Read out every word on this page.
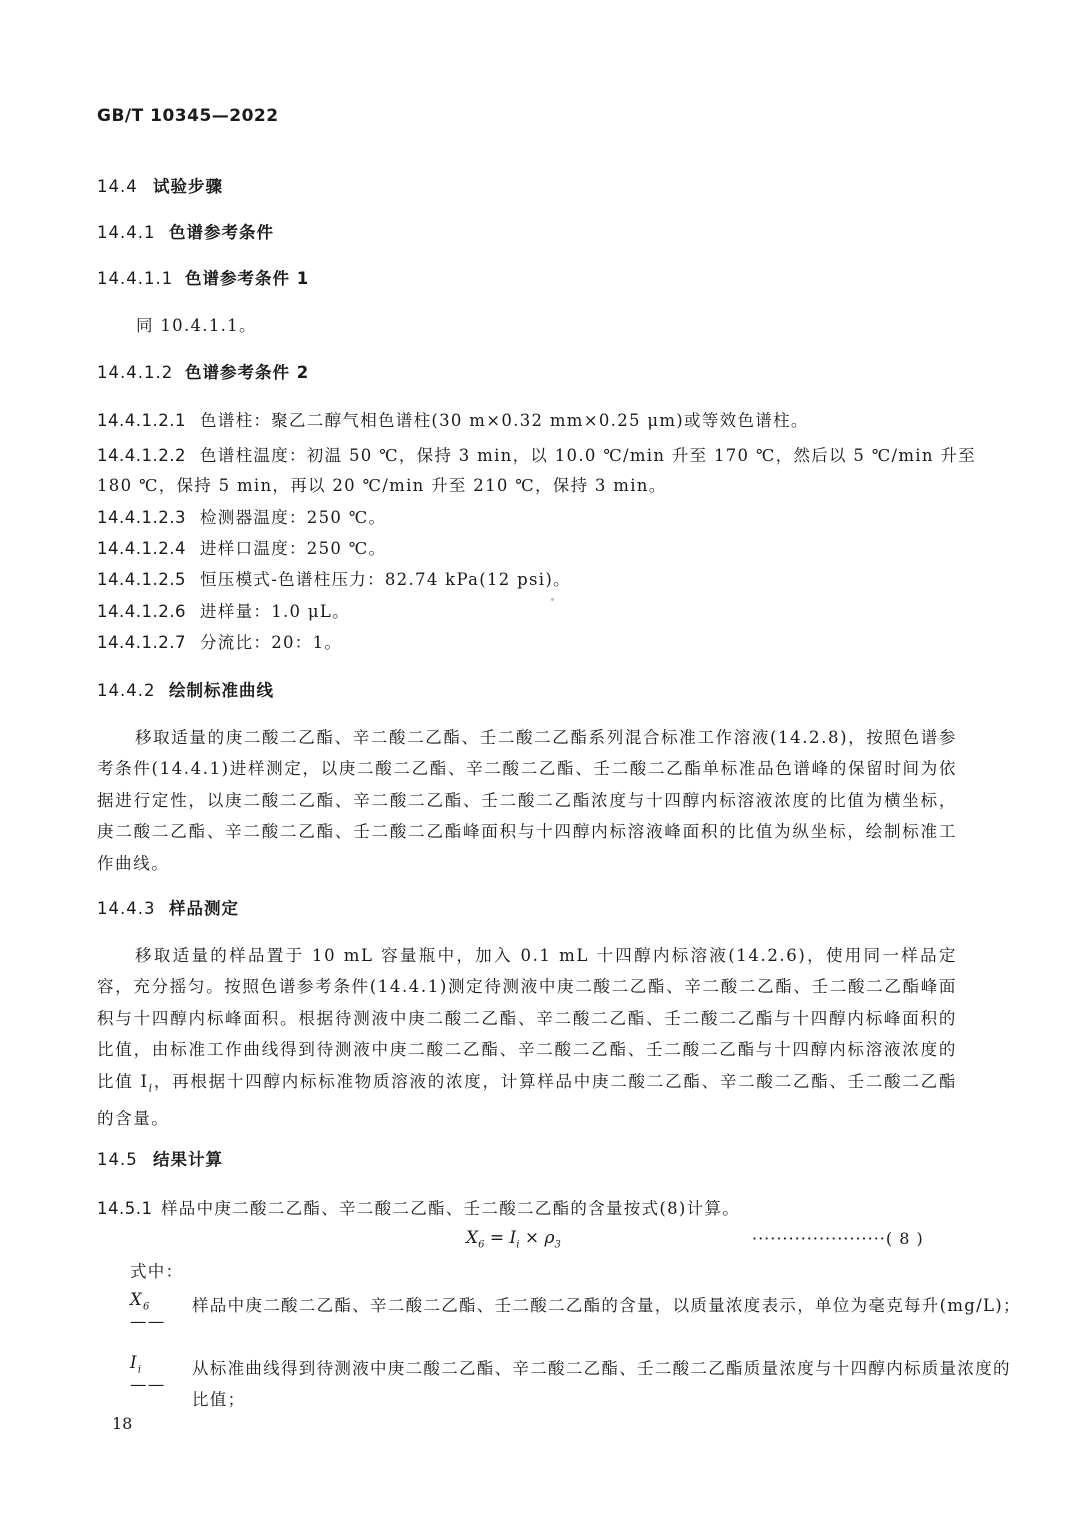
GB/T 10345—2022
14.4 试验步骤
14.4.1 色谱参考条件
14.4.1.1 色谱参考条件 1
同 10.4.1.1。
14.4.1.2 色谱参考条件 2
14.4.1.2.1 色谱柱：聚乙二醇气相色谱柱(30 m×0.32 mm×0.25 μm)或等效色谱柱。
14.4.1.2.2 色谱柱温度：初温 50 ℃，保持 3 min，以 10.0 ℃/min 升至 170 ℃，然后以 5 ℃/min 升至
180 ℃，保持 5 min，再以 20 ℃/min 升至 210 ℃，保持 3 min。
14.4.1.2.3 检测器温度：250 ℃。
14.4.1.2.4 进样口温度：250 ℃。
14.4.1.2.5 恒压模式-色谱柱压力：82.74 kPa(12 psi)。
14.4.1.2.6 进样量：1.0 μL。
14.4.1.2.7 分流比：20：1。
14.4.2 绘制标准曲线
移取适量的庚二酸二乙酯、辛二酸二乙酯、壬二酸二乙酯系列混合标准工作溶液(14.2.8)，按照色谱参考条件(14.4.1)进样测定，以庚二酸二乙酯、辛二酸二乙酯、壬二酸二乙酯单标准品色谱峰的保留时间为依据进行定性，以庚二酸二乙酯、辛二酸二乙酯、壬二酸二乙酯浓度与十四醇内标溶液浓度的比值为横坐标，庚二酸二乙酯、辛二酸二乙酯、壬二酸二乙酯峰面积与十四醇内标溶液峰面积的比值为纵坐标，绘制标准工作曲线。
14.4.3 样品测定
移取适量的样品置于 10 mL 容量瓶中，加入 0.1 mL 十四醇内标溶液(14.2.6)，使用同一样品定容，充分摇匀。按照色谱参考条件(14.4.1)测定待测液中庚二酸二乙酯、辛二酸二乙酯、壬二酸二乙酯峰面积与十四醇内标峰面积。根据待测液中庚二酸二乙酯、辛二酸二乙酯、壬二酸二乙酯与十四醇内标峰面积的比值，由标准工作曲线得到待测液中庚二酸二乙酯、辛二酸二乙酯、壬二酸二乙酯与十四醇内标溶液浓度的比值 $I_i$，再根据十四醇内标标准物质溶液的浓度，计算样品中庚二酸二乙酯、辛二酸二乙酯、壬二酸二乙酯的含量。
14.5 结果计算
14.5.1 样品中庚二酸二乙酯、辛二酸二乙酯、壬二酸二乙酯的含量按式(8)计算。
$X_6 = I_i \times \rho_3$	······················( 8 )
式中：
$X_6——$
样品中庚二酸二乙酯、辛二酸二乙酯、壬二酸二乙酯的含量，以质量浓度表示，单位为毫克每升(mg/L)；
$I_i$ ——
从标准曲线得到待测液中庚二酸二乙酯、辛二酸二乙酯、壬二酸二乙酯质量浓度与十四醇内标质量浓度的比值；
18
